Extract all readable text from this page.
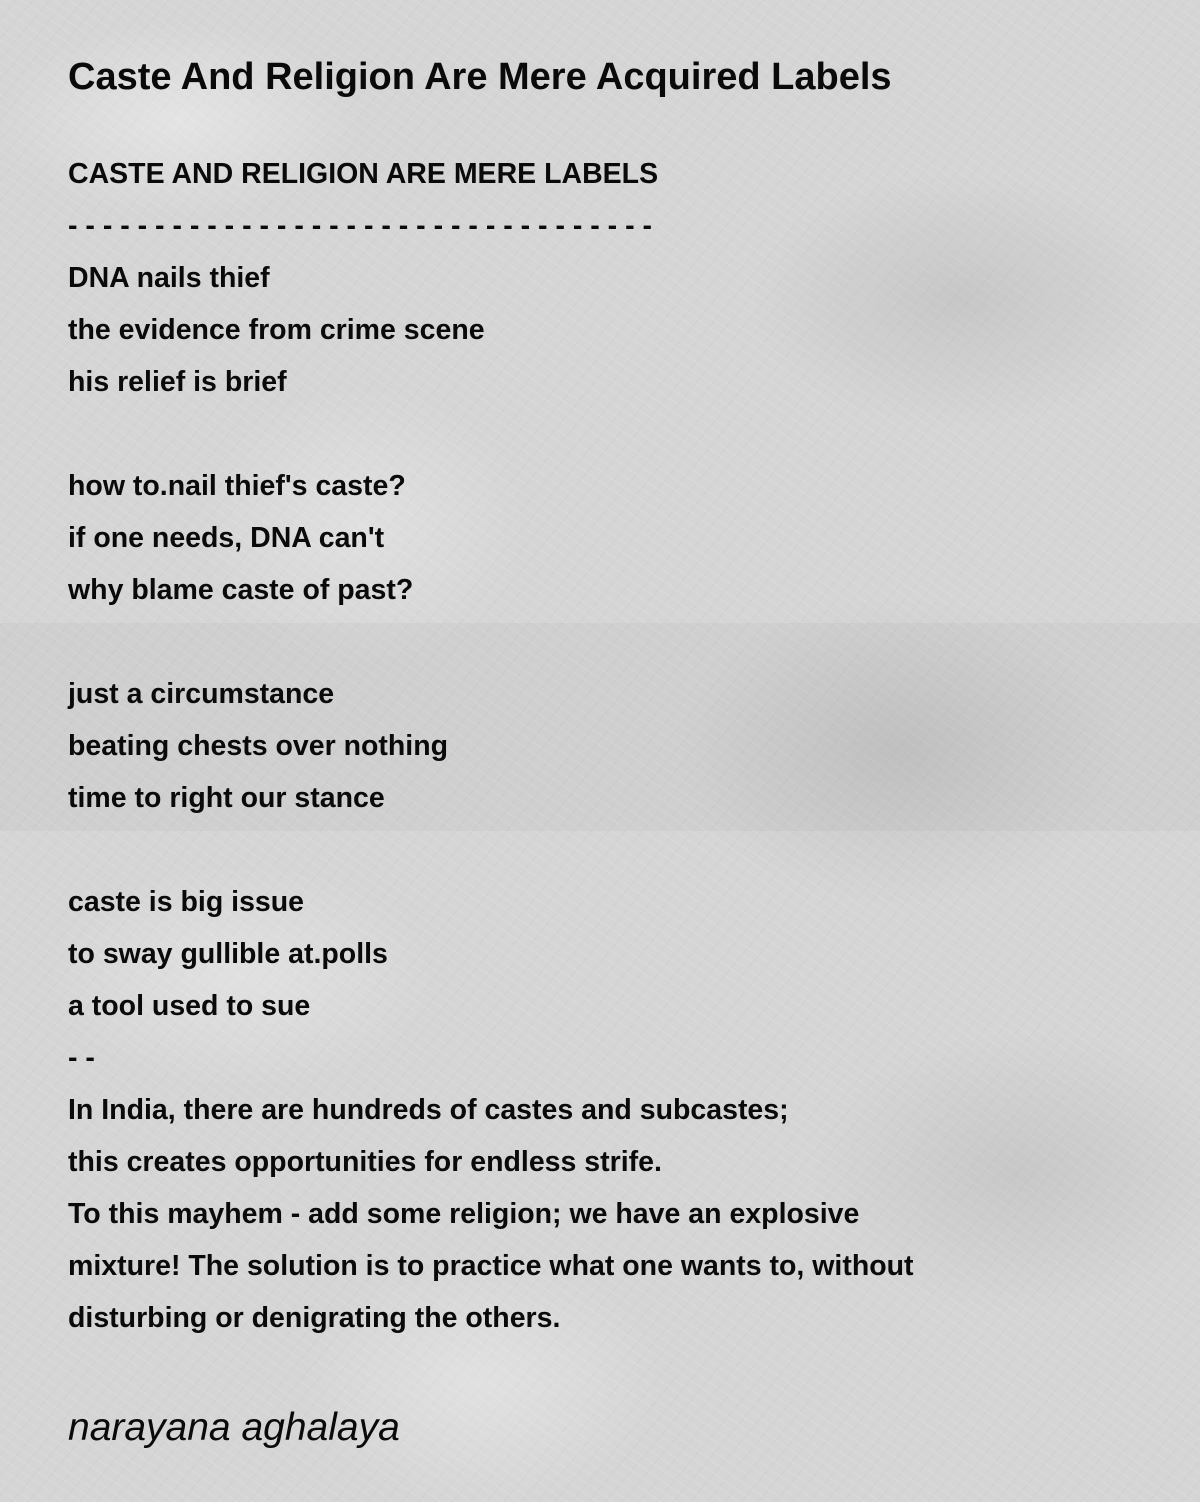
Caste And Religion Are Mere Acquired Labels
CASTE AND RELIGION ARE MERE LABELS
- - - - - - - - - - - - - - - - - - - - - - - - - - - - - - - - - -
DNA nails thief
the evidence from crime scene
his relief is brief
how to.nail thief's caste?
if one needs, DNA can't
why blame caste of past?
just a circumstance
beating chests over nothing
time to right our stance
caste is big issue
to sway gullible at.polls
a tool used to sue
- -
In India, there are hundreds of castes and subcastes;
this creates opportunities for endless strife.
To this mayhem - add some religion; we have an explosive
mixture! The solution is to practice what one wants to, without
disturbing or denigrating the others.
narayana aghalaya
